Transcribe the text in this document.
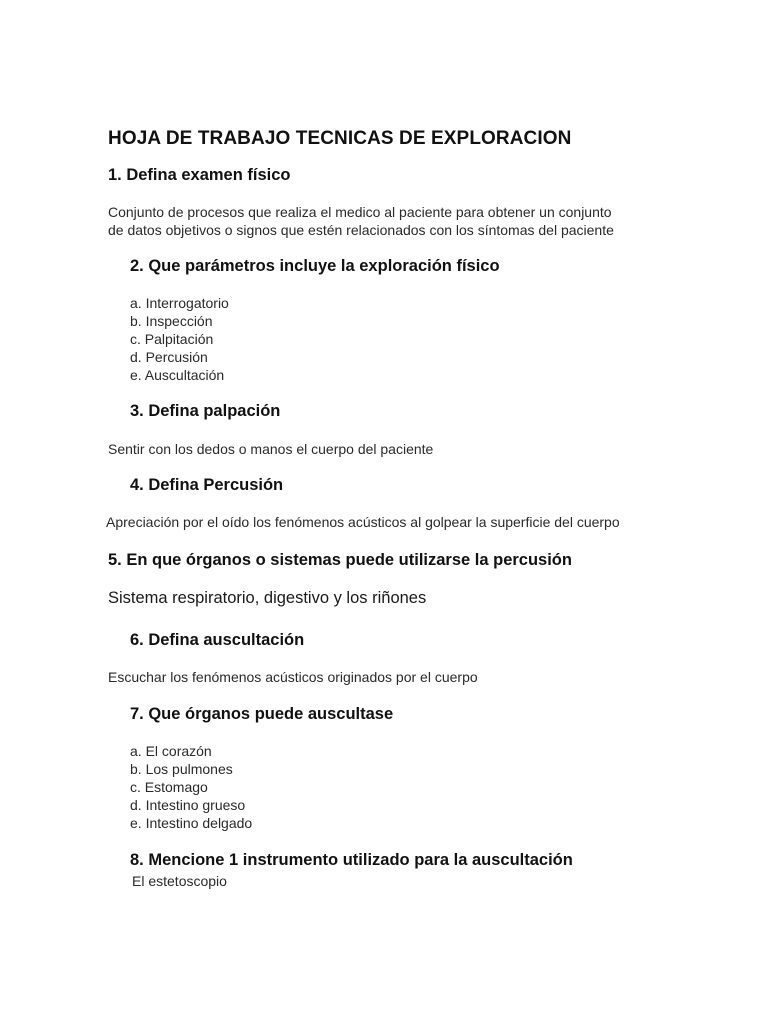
HOJA DE TRABAJO TECNICAS DE EXPLORACION
1. Defina examen físico
Conjunto de procesos que realiza el medico al paciente para obtener un conjunto
de datos objetivos o signos que estén relacionados con los síntomas del paciente
2. Que parámetros incluye la exploración físico
a. Interrogatorio
b. Inspección
c. Palpitación
d. Percusión
e. Auscultación
3. Defina palpación

Sentir con los dedos o manos el cuerpo del paciente

4. Defina Percusión

Apreciación por el oído los fenómenos acústicos al golpear la superficie del cuerpo

5. En que órganos o sistemas puede utilizarse la percusión

Sistema respiratorio, digestivo y los riñones

6. Defina auscultación

Escuchar los fenómenos acústicos originados por el cuerpo

7. Que órganos puede auscultase
a. El corazón
b. Los pulmones
c. Estomago
d. Intestino grueso
e. Intestino delgado
8. Mencione 1 instrumento utilizado para la auscultación

El estetoscopio
